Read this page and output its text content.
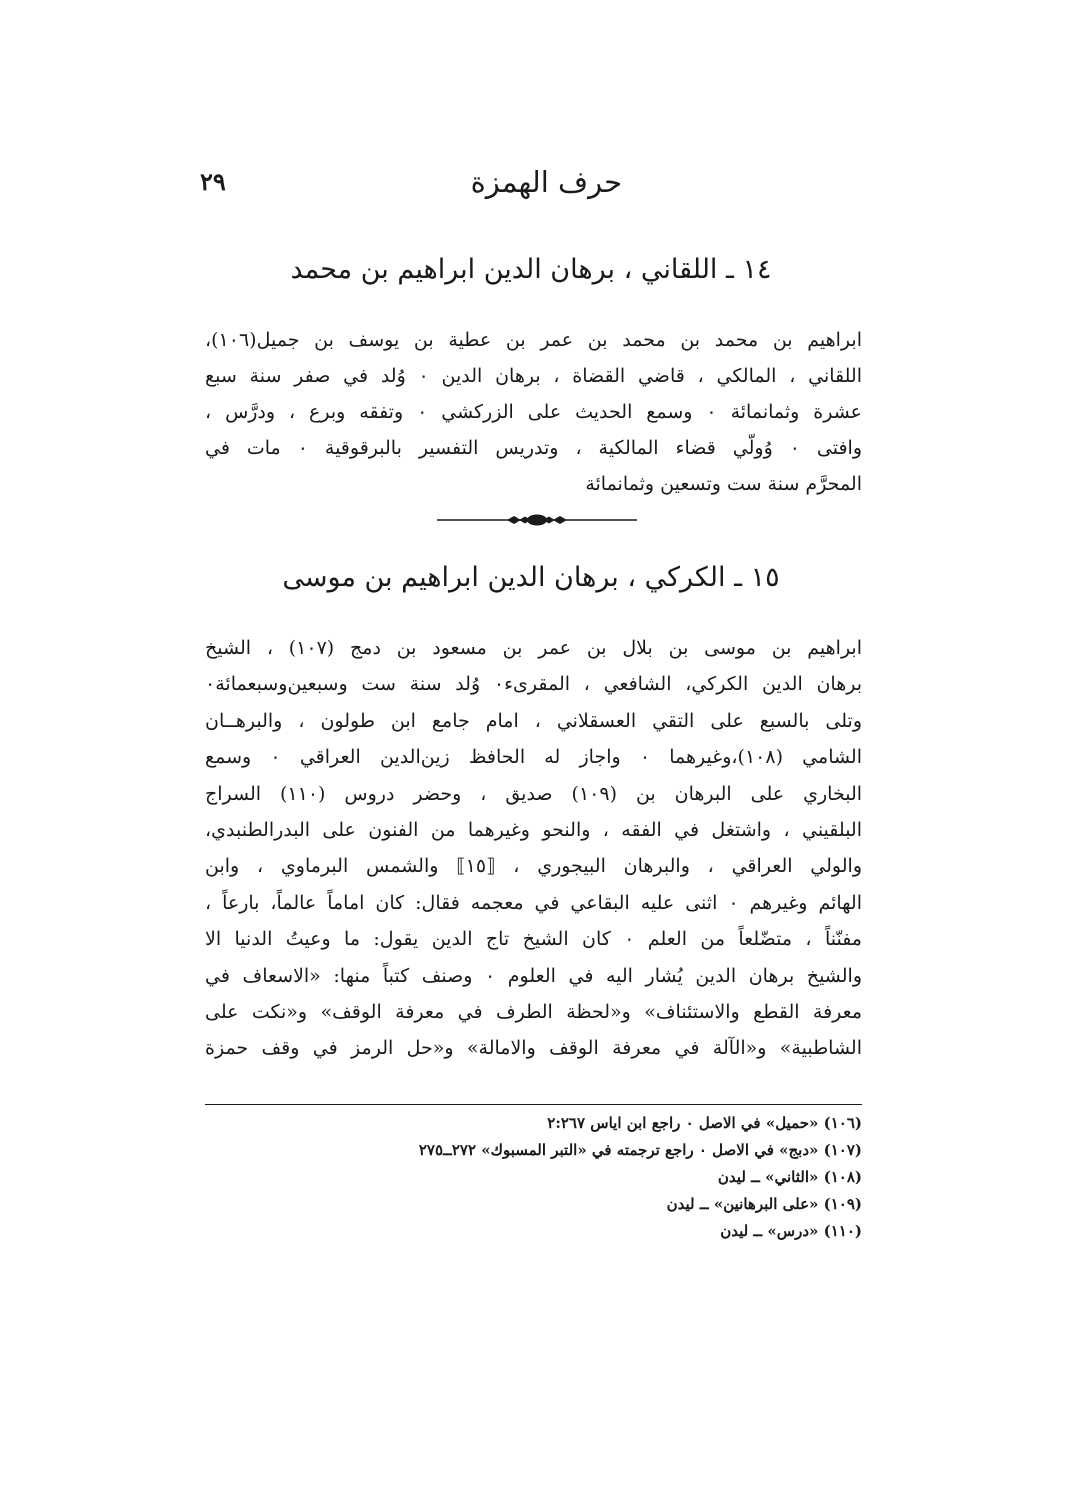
حرف الهمزة
٢٩
١٤ ـ اللقاني ، برهان الدين ابراهيم بن محمد
ابراهيم بن محمد بن محمد بن عمر بن عطية بن يوسف بن جميل(١٠٦)،
اللقاني ، المالكي ، قاضي القضاة ، برهان الدين ٠ وُلد في صفر سنة سبع
عشرة وثمانمائة ٠ وسمع الحديث على الزركشي ٠ وتفقه وبرع ، ودرَّس ،
وافتى ٠ وُولّي قضاء المالكية ، وتدريس التفسير بالبرقوقية ٠ مات في
المحرَّم سنة ست وتسعين وثمانمائة
١٥ ـ الكركي ، برهان الدين ابراهيم بن موسى
ابراهيم بن موسى بن بلال بن عمر بن مسعود بن دمج (١٠٧) ، الشيخ
برهان الدين الكركي، الشافعي ، المقرىء٠ وُلد سنة ست وسبعين‌وسبعمائة٠
وتلى بالسبع على التقي العسقلاني ، امام جامع ابن طولون ، والبرهــان
الشامي (١٠٨)،وغيرهما ٠ واجاز له الحافظ زين‌الدين العراقي ٠ وسمع
البخاري على البرهان بن (١٠٩) صديق ، وحضر دروس (١١٠) السراج
البلقيني ، واشتغل في الفقه ، والنحو وغيرهما من الفنون على البدرالطنبدي،
والولي العراقي ، والبرهان البيجوري ، ⟦١٥⟧ والشمس البرماوي ، وابن
الهائم وغيرهم ٠ اثنى عليه البقاعي في معجمه فقال: كان اماماً عالماً، بارعاً ،
مفنّناً ، متضّلعاً من العلم ٠ كان الشيخ تاج الدين يقول: ما وعيتُ الدنيا الا
والشيخ برهان الدين يُشار اليه في العلوم ٠ وصنف كتباً منها: «الاسعاف في
معرفة القطع والاستئناف» و«لحظة الطرف في معرفة الوقف» و«نكت على
الشاطبية» و«الآلة في معرفة الوقف والامالة» و«حل الرمز في وقف حمزة
(١٠٦) «حميل» في الاصل ٠ راجع ابن اياس ٢:٢٦٧
(١٠٧) «دبج» في الاصل ٠ راجع ترجمته في «التبر المسبوك» ٢٧٢ــ٢٧٥
(١٠٨) «الثاني» ــ ليدن
(١٠٩) «على البرهانين» ــ ليدن
(١١٠) «درس» ــ ليدن
